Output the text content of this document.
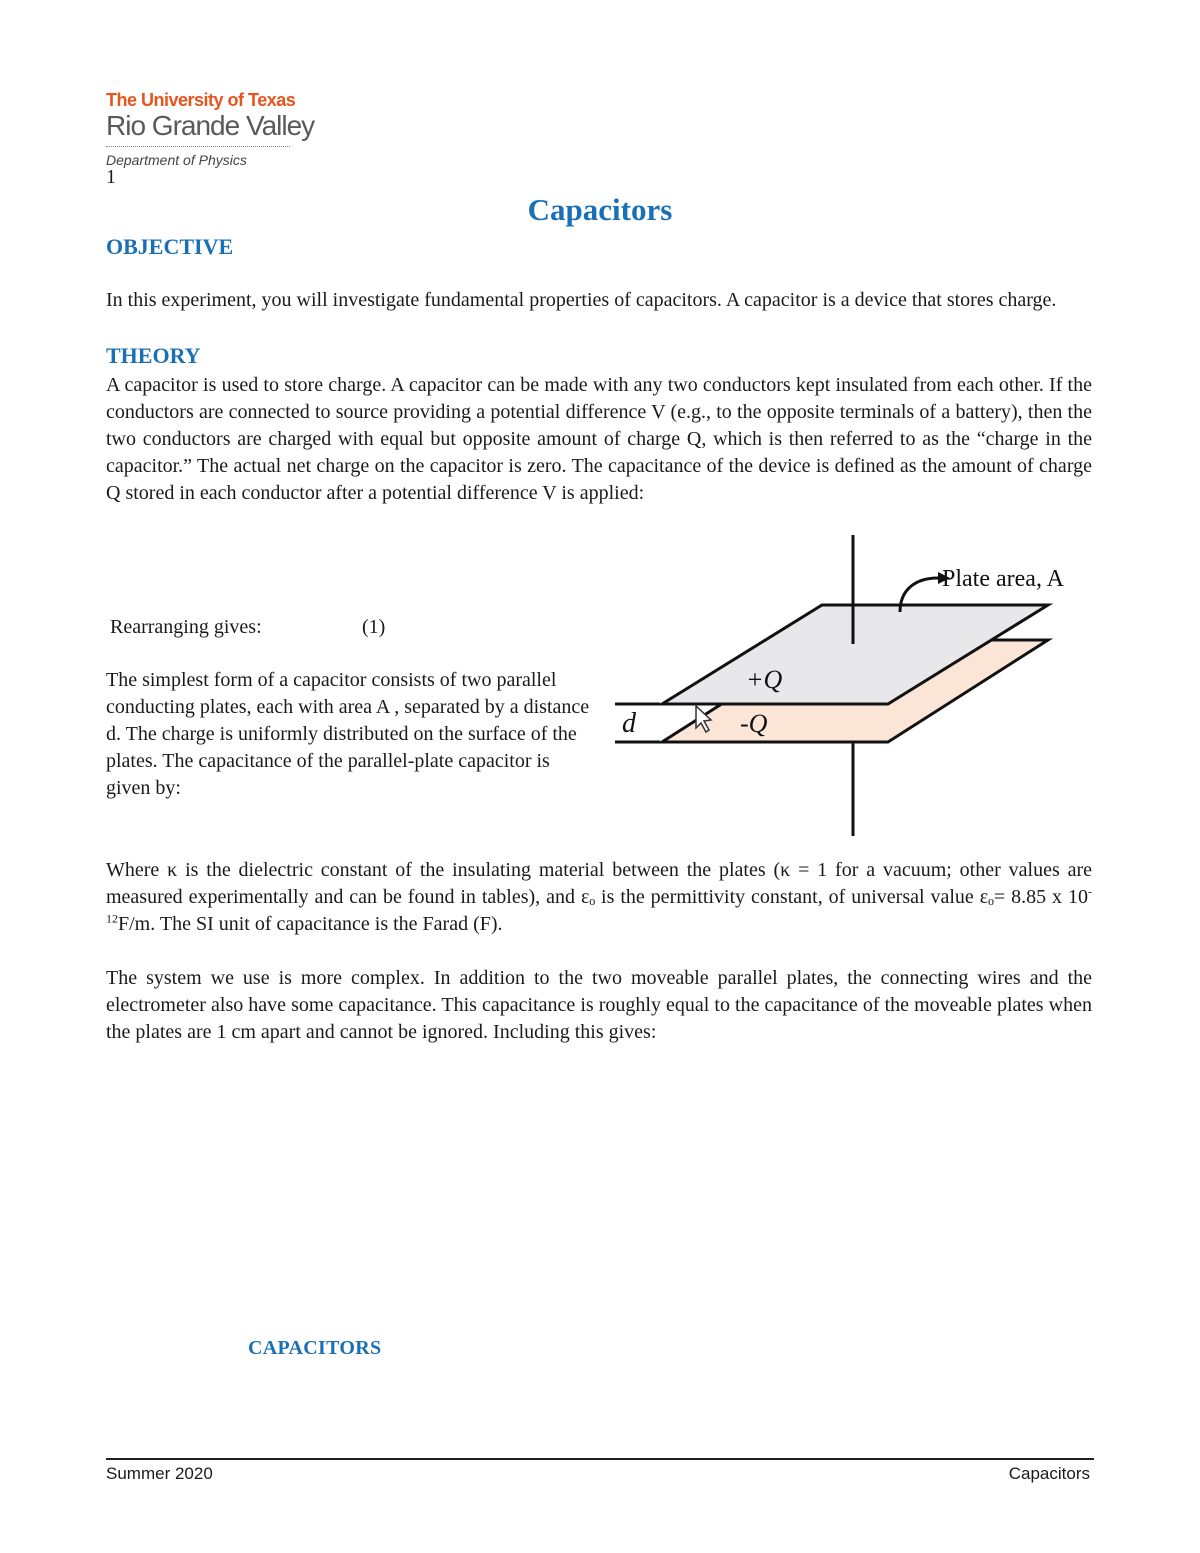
The University of Texas
Rio Grande Valley
Department of Physics
1
Capacitors
OBJECTIVE
In this experiment, you will investigate fundamental properties of capacitors. A capacitor is a device that stores charge.
THEORY
A capacitor is used to store charge. A capacitor can be made with any two conductors kept insulated from each other. If the conductors are connected to source providing a potential difference V (e.g., to the opposite terminals of a battery), then the two conductors are charged with equal but opposite amount of charge Q, which is then referred to as the “charge in the capacitor.” The actual net charge on the capacitor is zero. The capacitance of the device is defined as the amount of charge Q stored in each conductor after a potential difference V is applied:
Rearranging gives:	(1)
The simplest form of a capacitor consists of two parallel conducting plates, each with area A , separated by a distance d. The charge is uniformly distributed on the surface of the plates. The capacitance of the parallel-plate capacitor is given by:
Plate area, A
+Q
-Q
d
Where κ is the dielectric constant of the insulating material between the plates (κ = 1 for a vacuum; other values are measured experimentally and can be found in tables), and εₒ is the permittivity constant, of universal value εₒ= 8.85 x $10^{-12}F/m$. The SI unit of capacitance is the Farad (F).
The system we use is more complex. In addition to the two moveable parallel plates, the connecting wires and the electrometer also have some capacitance. This capacitance is roughly equal to the capacitance of the moveable plates when the plates are 1 cm apart and cannot be ignored. Including this gives:
CAPACITORS
Summer 2020	Capacitors
